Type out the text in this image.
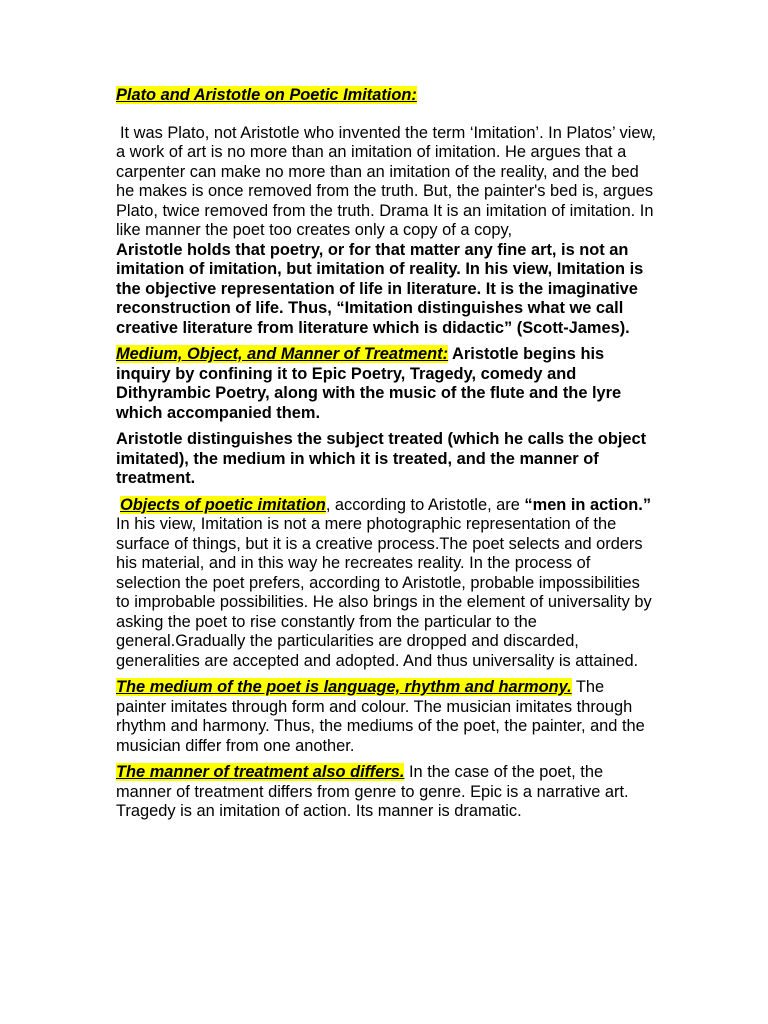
Plato and Aristotle on Poetic Imitation:

It was Plato, not Aristotle who invented the term ‘Imitation’. In Platos’ view, a work of art is no more than an imitation of imitation. He argues that a carpenter can make no more than an imitation of the reality, and the bed he makes is once removed from the truth. But, the painter's bed is, argues Plato, twice removed from the truth. Drama It is an imitation of imitation. In like manner the poet too creates only a copy of a copy,

Aristotle holds that poetry, or for that matter any fine art, is not an imitation of imitation, but imitation of reality. In his view, Imitation is the objective representation of life in literature. It is the imaginative reconstruction of life. Thus, “Imitation distinguishes what we call creative literature from literature which is didactic” (Scott-James).

Medium, Object, and Manner of Treatment: Aristotle begins his inquiry by confining it to Epic Poetry, Tragedy, comedy and Dithyrambic Poetry, along with the music of the flute and the lyre which accompanied them.

Aristotle distinguishes the subject treated (which he calls the object imitated), the medium in which it is treated, and the manner of treatment.

Objects of poetic imitation, according to Aristotle, are “men in action.” In his view, Imitation is not a mere photographic representation of the surface of things, but it is a creative process.The poet selects and orders his material, and in this way he recreates reality. In the process of selection the poet prefers, according to Aristotle, probable impossibilities to improbable possibilities. He also brings in the element of universality by asking the poet to rise constantly from the particular to the general.Gradually the particularities are dropped and discarded, generalities are accepted and adopted. And thus universality is attained.

The medium of the poet is language, rhythm and harmony. The painter imitates through form and colour. The musician imitates through rhythm and harmony. Thus, the mediums of the poet, the painter, and the musician differ from one another.

The manner of treatment also differs. In the case of the poet, the manner of treatment differs from genre to genre. Epic is a narrative art. Tragedy is an imitation of action. Its manner is dramatic.
